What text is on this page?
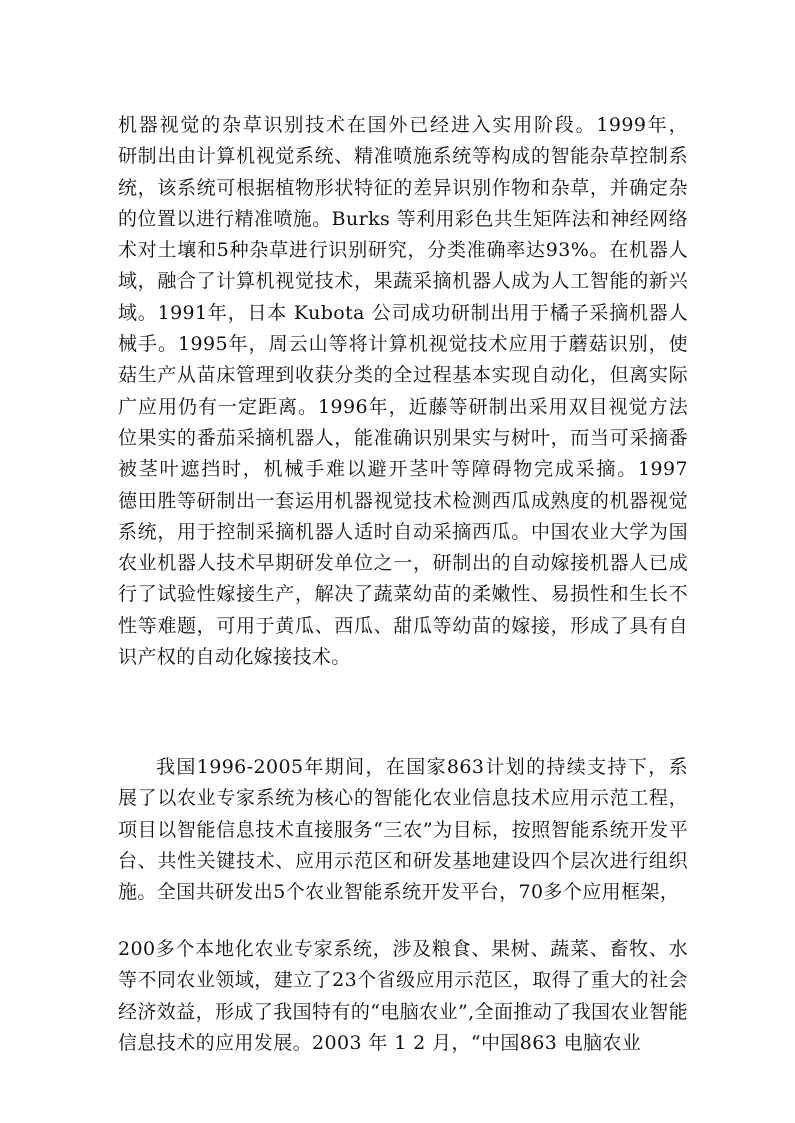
机器视觉的杂草识别技术在国外已经进入实用阶段。1999年，
研制出由计算机视觉系统、精准喷施系统等构成的智能杂草控制系
统，该系统可根据植物形状特征的差异识别作物和杂草，并确定杂
的位置以进行精准喷施。Burks 等利用彩色共生矩阵法和神经网络
术对土壤和5种杂草进行识别研究，分类准确率达93%。在机器人
域，融合了计算机视觉技术，果蔬采摘机器人成为人工智能的新兴
域。1991年，日本 Kubota 公司成功研制出用于橘子采摘机器人
械手。1995年，周云山等将计算机视觉技术应用于蘑菇识别，使
菇生产从苗床管理到收获分类的全过程基本实现自动化，但离实际
广应用仍有一定距离。1996年，近藤等研制出采用双目视觉方法
位果实的番茄采摘机器人，能准确识别果实与树叶，而当可采摘番
被茎叶遮挡时，机械手难以避开茎叶等障碍物完成采摘。1997
德田胜等研制出一套运用机器视觉技术检测西瓜成熟度的机器视觉
系统，用于控制采摘机器人适时自动采摘西瓜。中国农业大学为国
农业机器人技术早期研发单位之一，研制出的自动嫁接机器人已成
行了试验性嫁接生产，解决了蔬菜幼苗的柔嫩性、易损性和生长不
性等难题，可用于黄瓜、西瓜、甜瓜等幼苗的嫁接，形成了具有自
识产权的自动化嫁接技术。
我国1996-2005年期间，在国家863计划的持续支持下，系
展了以农业专家系统为核心的智能化农业信息技术应用示范工程，
项目以智能信息技术直接服务“三农”为目标，按照智能系统开发平
台、共性关键技术、应用示范区和研发基地建设四个层次进行组织
施。全国共研发出5个农业智能系统开发平台，70多个应用框架，
200多个本地化农业专家系统，涉及粮食、果树、蔬菜、畜牧、水
等不同农业领域，建立了23个省级应用示范区，取得了重大的社会
经济效益，形成了我国特有的“电脑农业”,全面推动了我国农业智能
信息技术的应用发展。2003 年 1 2 月，“中国863 电脑农业
